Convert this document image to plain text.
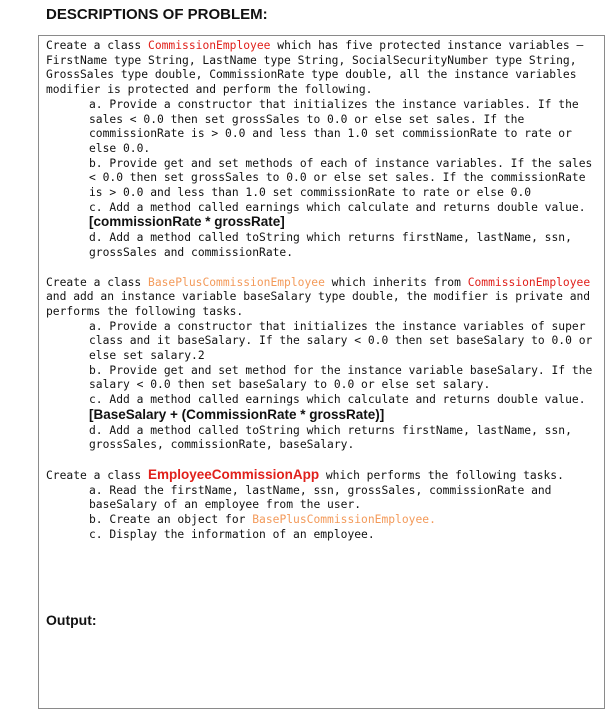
DESCRIPTIONS OF PROBLEM:

Create a class CommissionEmployee which has five protected instance variables – FirstName type String, LastName type String, SocialSecurityNumber type String, GrossSales type double, CommissionRate type double, all the instance variables modifier is protected and perform the following.

a. Provide a constructor that initializes the instance variables. If the sales < 0.0 then set grossSales to 0.0 or else set sales. If the commissionRate is > 0.0 and less than 1.0 set commissionRate to rate or else 0.0.

b. Provide get and set methods of each of instance variables. If the sales < 0.0 then set grossSales to 0.0 or else set sales. If the commissionRate is > 0.0 and less than 1.0 set commissionRate to rate or else 0.0

c. Add a method called earnings which calculate and returns double value. [commissionRate * grossRate]

d. Add a method called toString which returns firstName, lastName, ssn, grossSales and commissionRate.

Create a class BasePlusCommissionEmployee which inherits from CommissionEmployee and add an instance variable baseSalary type double, the modifier is private and performs the following tasks.

a. Provide a constructor that initializes the instance variables of super class and it baseSalary. If the salary < 0.0 then set baseSalary to 0.0 or else set salary.2

b. Provide get and set method for the instance variable baseSalary. If the salary < 0.0 then set baseSalary to 0.0 or else set salary.

c. Add a method called earnings which calculate and returns double value. [BaseSalary + (CommissionRate * grossRate)]

d. Add a method called toString which returns firstName, lastName, ssn, grossSales, commissionRate, baseSalary.

Create a class EmployeeCommissionApp which performs the following tasks.

a. Read the firstName, lastName, ssn, grossSales, commissionRate and baseSalary of an employee from the user.

b. Create an object for BasePlusCommissionEmployee.

c. Display the information of an employee.

Output:
